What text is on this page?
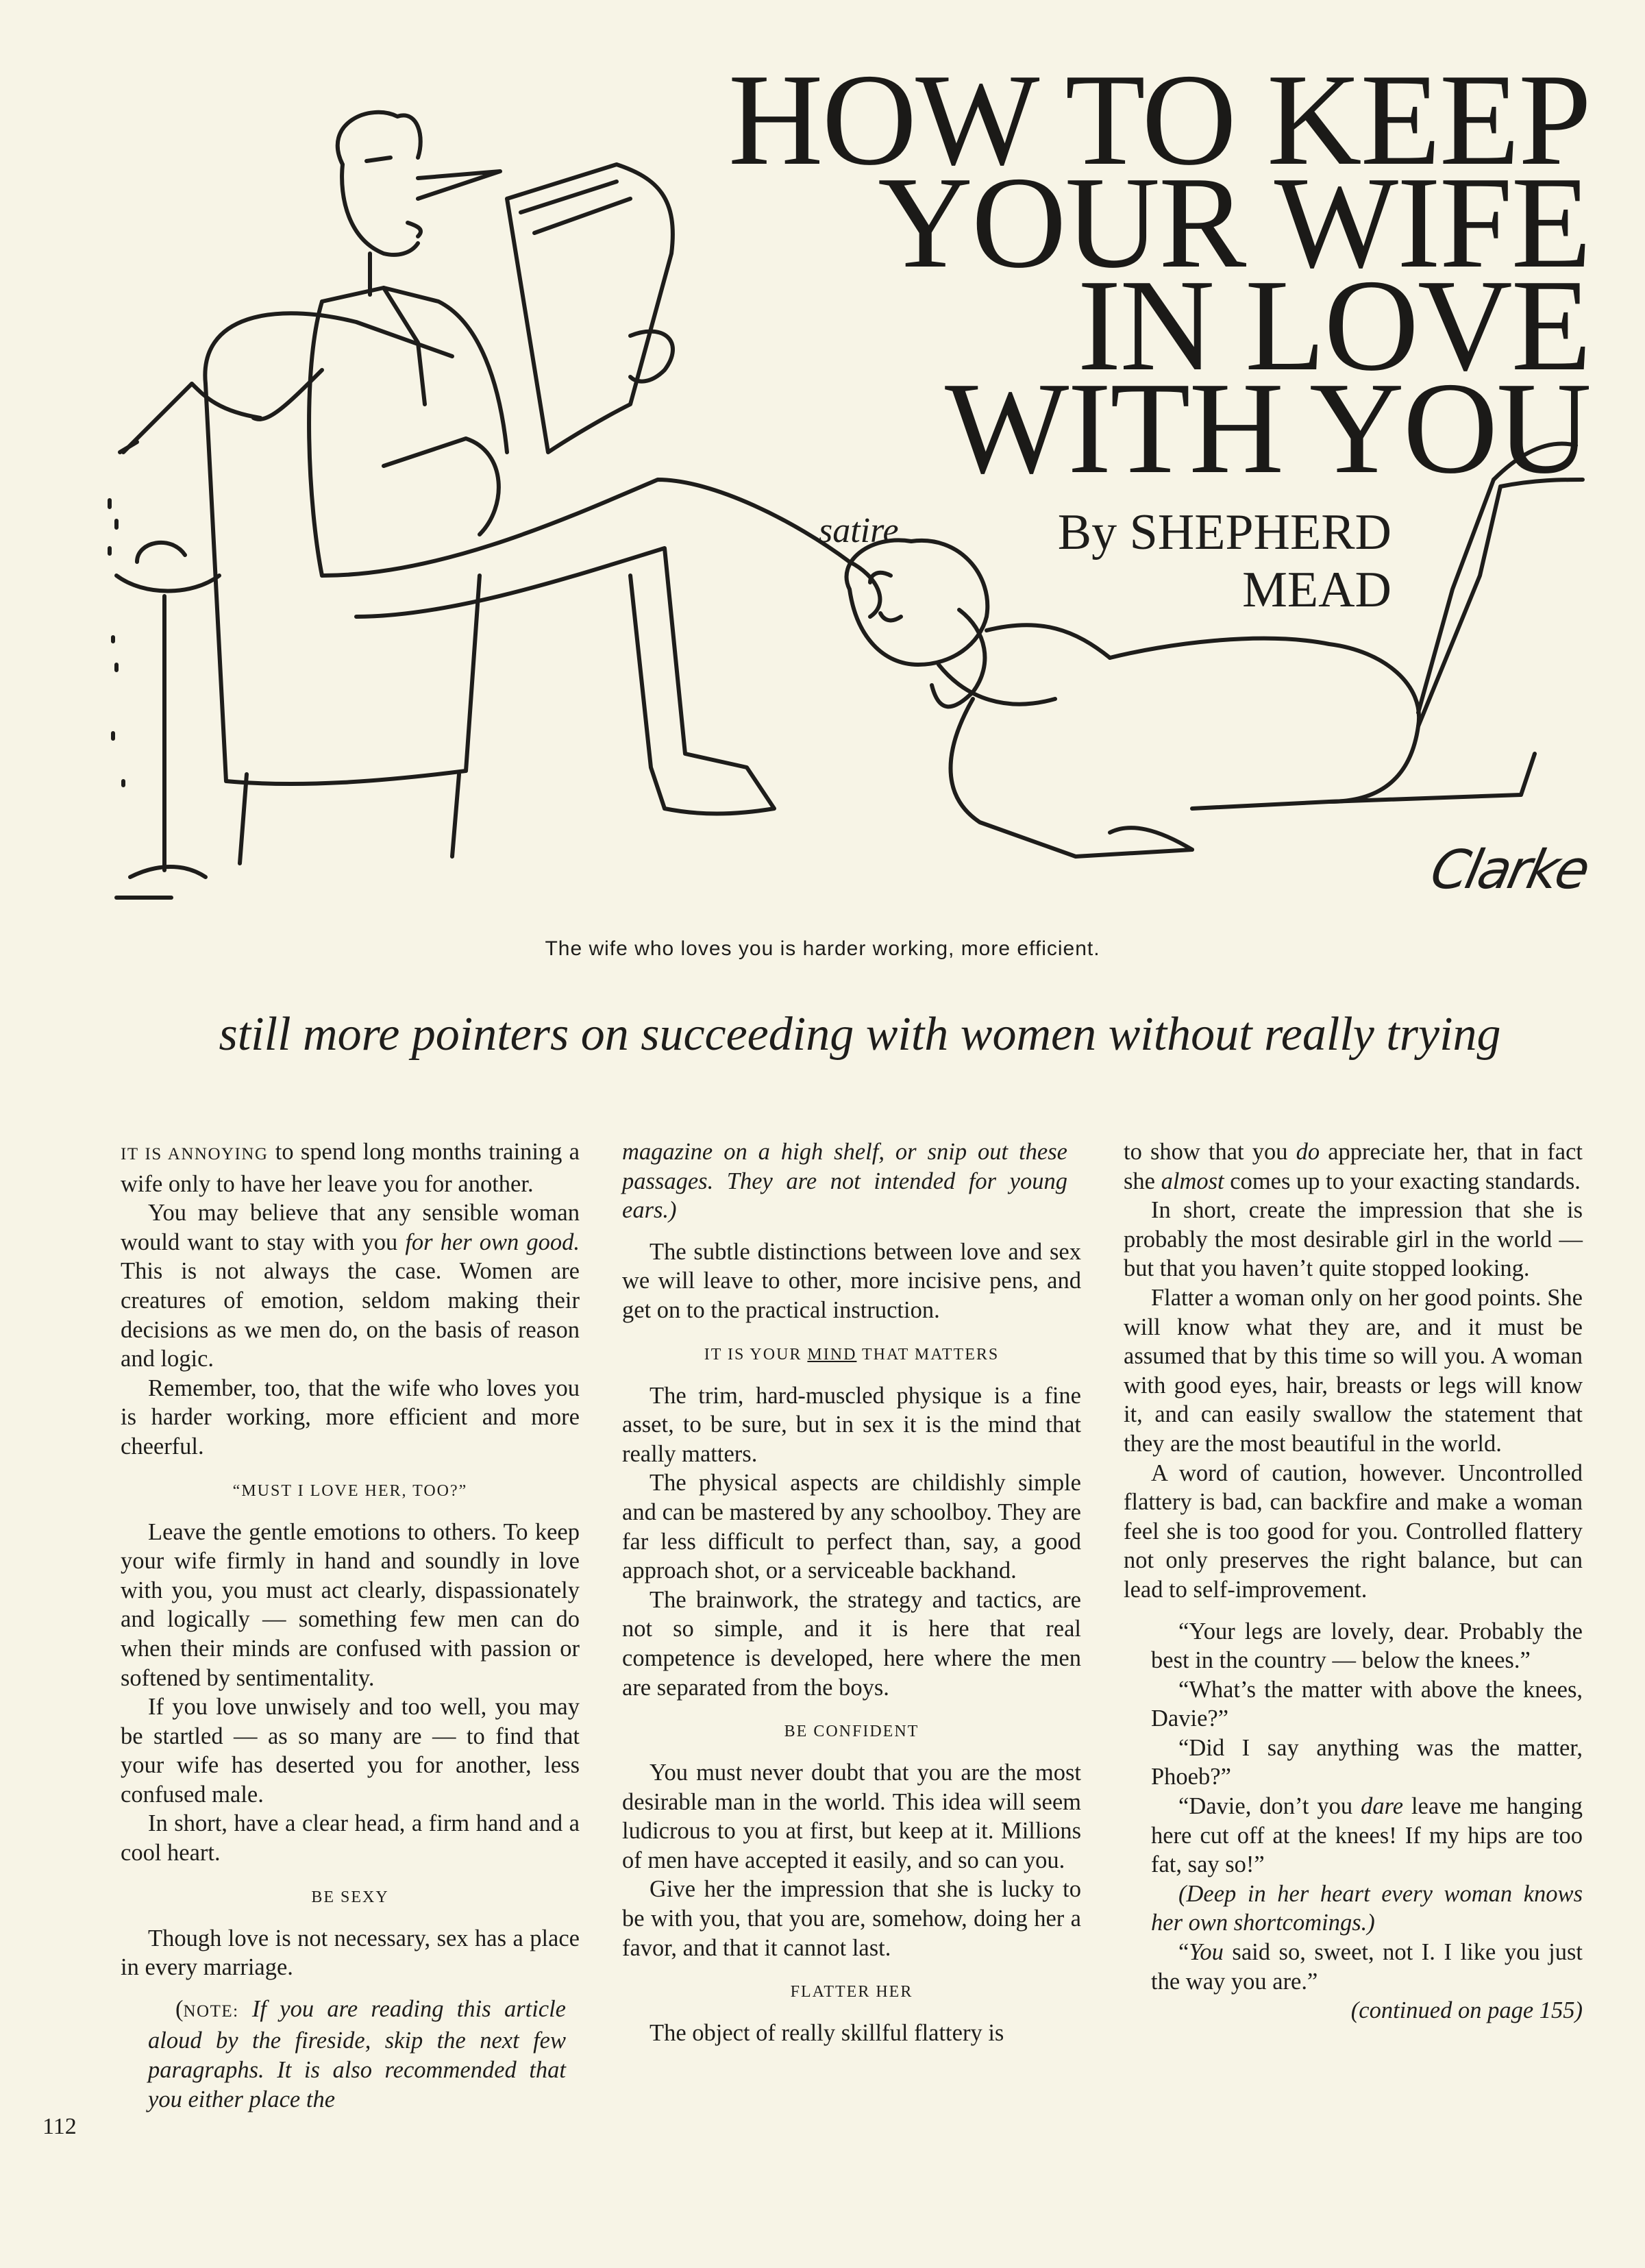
HOW TO KEEP
YOUR WIFE
IN LOVE
WITH YOU
satire	By SHEPHERD
MEAD
Clarke
The wife who loves you is harder working, more efficient.
still more pointers on succeeding with women without really trying

IT IS ANNOYING to spend long months training a wife only to have her leave you for another.

You may believe that any sensible woman would want to stay with you for her own good. This is not always the case. Women are creatures of emotion, seldom making their decisions as we men do, on the basis of reason and logic.

Remember, too, that the wife who loves you is harder working, more efficient and more cheerful.

“MUST I LOVE HER, TOO?”

Leave the gentle emotions to others. To keep your wife firmly in hand and soundly in love with you, you must act clearly, dispassionately and logically — something few men can do when their minds are confused with passion or softened by sentimentality.

If you love unwisely and too well, you may be startled — as so many are — to find that your wife has deserted you for another, less confused male.

In short, have a clear head, a firm hand and a cool heart.

BE SEXY

Though love is not necessary, sex has a place in every marriage.

(NOTE: If you are reading this article aloud by the fireside, skip the next few paragraphs. It is also recommended that you either place the

magazine on a high shelf, or snip out these passages. They are not intended for young ears.)

The subtle distinctions between love and sex we will leave to other, more incisive pens, and get on to the practical instruction.

IT IS YOUR MIND THAT MATTERS

The trim, hard-muscled physique is a fine asset, to be sure, but in sex it is the mind that really matters.

The physical aspects are childishly simple and can be mastered by any schoolboy. They are far less difficult to perfect than, say, a good approach shot, or a serviceable backhand.

The brainwork, the strategy and tactics, are not so simple, and it is here that real competence is developed, here where the men are separated from the boys.

BE CONFIDENT

You must never doubt that you are the most desirable man in the world. This idea will seem ludicrous to you at first, but keep at it. Millions of men have accepted it easily, and so can you.

Give her the impression that she is lucky to be with you, that you are, somehow, doing her a favor, and that it cannot last.

FLATTER HER

The object of really skillful flattery is

to show that you do appreciate her, that in fact she almost comes up to your exacting standards.

In short, create the impression that she is probably the most desirable girl in the world — but that you haven’t quite stopped looking.

Flatter a woman only on her good points. She will know what they are, and it must be assumed that by this time so will you. A woman with good eyes, hair, breasts or legs will know it, and can easily swallow the statement that they are the most beautiful in the world.

A word of caution, however. Uncontrolled flattery is bad, can backfire and make a woman feel she is too good for you. Controlled flattery not only preserves the right balance, but can lead to self-improvement.

“Your legs are lovely, dear. Probably the best in the country — below the knees.”

“What’s the matter with above the knees, Davie?”

“Did I say anything was the matter, Phoeb?”

“Davie, don’t you dare leave me hanging here cut off at the knees! If my hips are too fat, say so!”

(Deep in her heart every woman knows her own shortcomings.)

“You said so, sweet, not I. I like you just the way you are.”

(continued on page 155)

112
